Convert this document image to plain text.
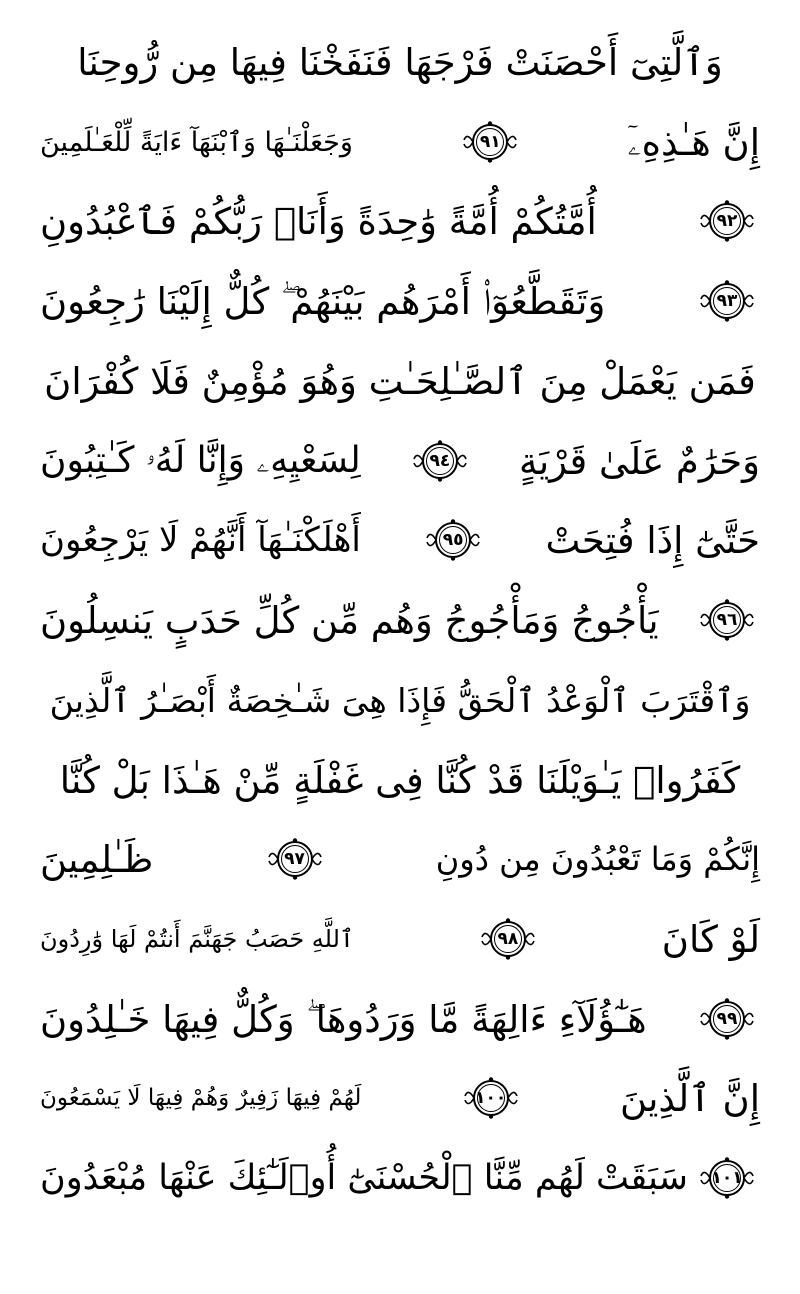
وَٱلَّتِىٓ أَحْصَنَتْ فَرْجَهَا فَنَفَخْنَا فِيهَا مِن رُّوحِنَا
وَجَعَلْنَـٰهَا وَٱبْنَهَآ ءَايَةً لِّلْعَـٰلَمِينَ	٩١	إِنَّ هَـٰذِهِۦٓ
أُمَّتُكُمْ أُمَّةً وَٰحِدَةً وَأَنَا۠ رَبُّكُمْ فَٱعْبُدُونِ	٩٢
وَتَقَطَّعُوٓا۟ أَمْرَهُم بَيْنَهُمْ ۖ كُلٌّ إِلَيْنَا رَٰجِعُونَ	٩٣
فَمَن يَعْمَلْ مِنَ ٱلصَّـٰلِحَـٰتِ وَهُوَ مُؤْمِنٌ فَلَا كُفْرَانَ
لِسَعْيِهِۦ وَإِنَّا لَهُۥ كَـٰتِبُونَ	٩٤	وَحَرَٰمٌ عَلَىٰ قَرْيَةٍ
أَهْلَكْنَـٰهَآ أَنَّهُمْ لَا يَرْجِعُونَ	٩٥	حَتَّىٰٓ إِذَا فُتِحَتْ
يَأْجُوجُ وَمَأْجُوجُ وَهُم مِّن كُلِّ حَدَبٍ يَنسِلُونَ	٩٦
وَٱقْتَرَبَ ٱلْوَعْدُ ٱلْحَقُّ فَإِذَا هِىَ شَـٰخِصَةٌ أَبْصَـٰرُ ٱلَّذِينَ
كَفَرُوا۟ يَـٰوَيْلَنَا قَدْ كُنَّا فِى غَفْلَةٍ مِّنْ هَـٰذَا بَلْ كُنَّا
ظَـٰلِمِينَ	٩٧	إِنَّكُمْ وَمَا تَعْبُدُونَ مِن دُونِ
ٱللَّهِ حَصَبُ جَهَنَّمَ أَنتُمْ لَهَا وَٰرِدُونَ	٩٨	لَوْ كَانَ
هَـٰٓؤُلَآءِ ءَالِهَةً مَّا وَرَدُوهَا ۖ وَكُلٌّ فِيهَا خَـٰلِدُونَ	٩٩
لَهُمْ فِيهَا زَفِيرٌ وَهُمْ فِيهَا لَا يَسْمَعُونَ	١٠٠	إِنَّ ٱلَّذِينَ
سَبَقَتْ لَهُم مِّنَّا ٱلْحُسْنَىٰٓ أُو۟لَـٰٓئِكَ عَنْهَا مُبْعَدُونَ	١٠١
